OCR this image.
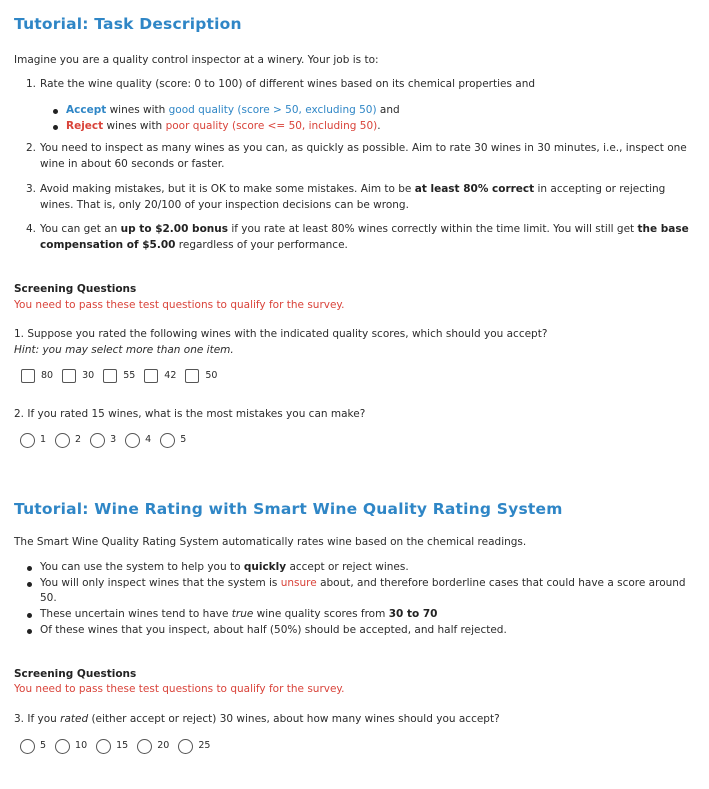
Tutorial: Task Description

Imagine you are a quality control inspector at a winery. Your job is to:

1. Rate the wine quality (score: 0 to 100) of different wines based on its chemical properties and
Accept wines with good quality (score > 50, excluding 50) and
Reject wines with poor quality (score <= 50, including 50).
2. You need to inspect as many wines as you can, as quickly as possible. Aim to rate 30 wines in 30 minutes, i.e., inspect one wine in about 60 seconds or faster.
3. Avoid making mistakes, but it is OK to make some mistakes. Aim to be at least 80% correct in accepting or rejecting wines. That is, only 20/100 of your inspection decisions can be wrong.
4. You can get an up to $2.00 bonus if you rate at least 80% wines correctly within the time limit. You will still get the base compensation of $5.00 regardless of your performance.
Screening Questions
You need to pass these test questions to qualify for the survey.

1. Suppose you rated the following wines with the indicated quality scores, which should you accept?

Hint: you may select more than one item.

80	30	55	42	50

2. If you rated 15 wines, what is the most mistakes you can make?

1	2	3	4	5
Tutorial: Wine Rating with Smart Wine Quality Rating System

The Smart Wine Quality Rating System automatically rates wine based on the chemical readings.

You can use the system to help you to quickly accept or reject wines.
You will only inspect wines that the system is unsure about, and therefore borderline cases that could have a score around 50.
These uncertain wines tend to have true wine quality scores from 30 to 70
Of these wines that you inspect, about half (50%) should be accepted, and half rejected.
Screening Questions
You need to pass these test questions to qualify for the survey.

3. If you rated (either accept or reject) 30 wines, about how many wines should you accept?

5	10	15	20	25
